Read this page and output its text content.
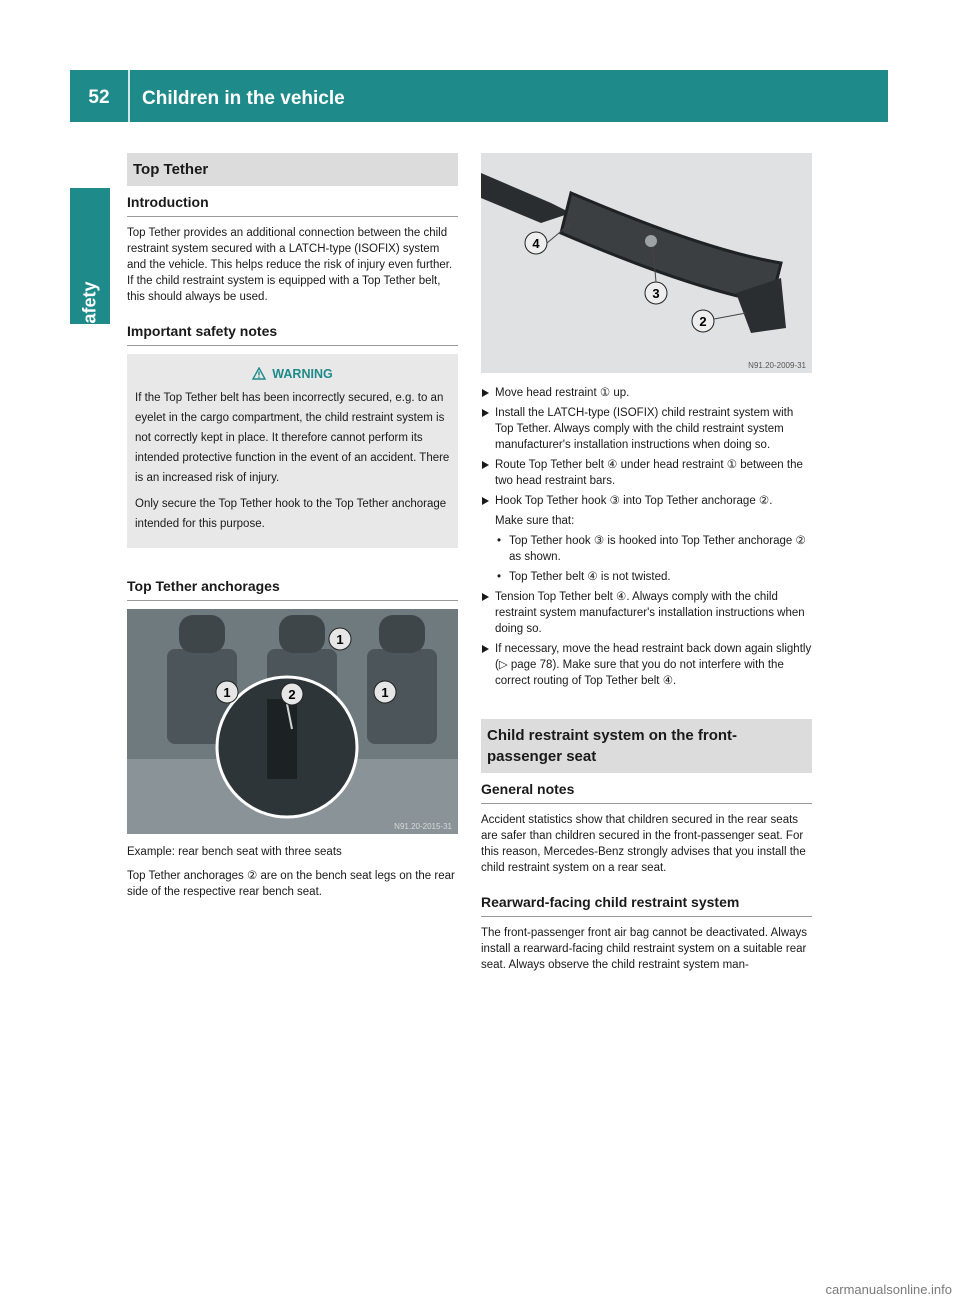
52	Children in the vehicle
Safety
Top Tether
Introduction

Top Tether provides an additional connection between the child restraint system secured with a LATCH-type (ISOFIX) system and the vehicle. This helps reduce the risk of injury even further. If the child restraint system is equipped with a Top Tether belt, this should always be used.

Important safety notes
WARNING

If the Top Tether belt has been incorrectly secured, e.g. to an eyelet in the cargo compartment, the child restraint system is not correctly kept in place. It therefore cannot perform its intended protective function in the event of an accident. There is an increased risk of injury.

Only secure the Top Tether hook to the Top Tether anchorage intended for this purpose.

Top Tether anchorages
1
2
1	1
N91.20-2015-31

Example: rear bench seat with three seats

Top Tether anchorages ② are on the bench seat legs on the rear side of the respective rear bench seat.

4
3
2
N91.20-2009-31

Move head restraint ① up.

Install the LATCH-type (ISOFIX) child restraint system with Top Tether. Always comply with the child restraint system manufacturer's installation instructions when doing so.

Route Top Tether belt ④ under head restraint ① between the two head restraint bars.

Hook Top Tether hook ③ into Top Tether anchorage ②.

Make sure that:

• Top Tether hook ③ is hooked into Top Tether anchorage ② as shown.

• Top Tether belt ④ is not twisted.

Tension Top Tether belt ④. Always comply with the child restraint system manufacturer's installation instructions when doing so.

If necessary, move the head restraint back down again slightly (▷ page 78). Make sure that you do not interfere with the correct routing of Top Tether belt ④.

Child restraint system on the front-passenger seat
General notes

Accident statistics show that children secured in the rear seats are safer than children secured in the front-passenger seat. For this reason, Mercedes-Benz strongly advises that you install the child restraint system on a rear seat.

Rearward-facing child restraint system

The front-passenger front air bag cannot be deactivated. Always install a rearward-facing child restraint system on a suitable rear seat. Always observe the child restraint system man-

carmanualsonline.info
